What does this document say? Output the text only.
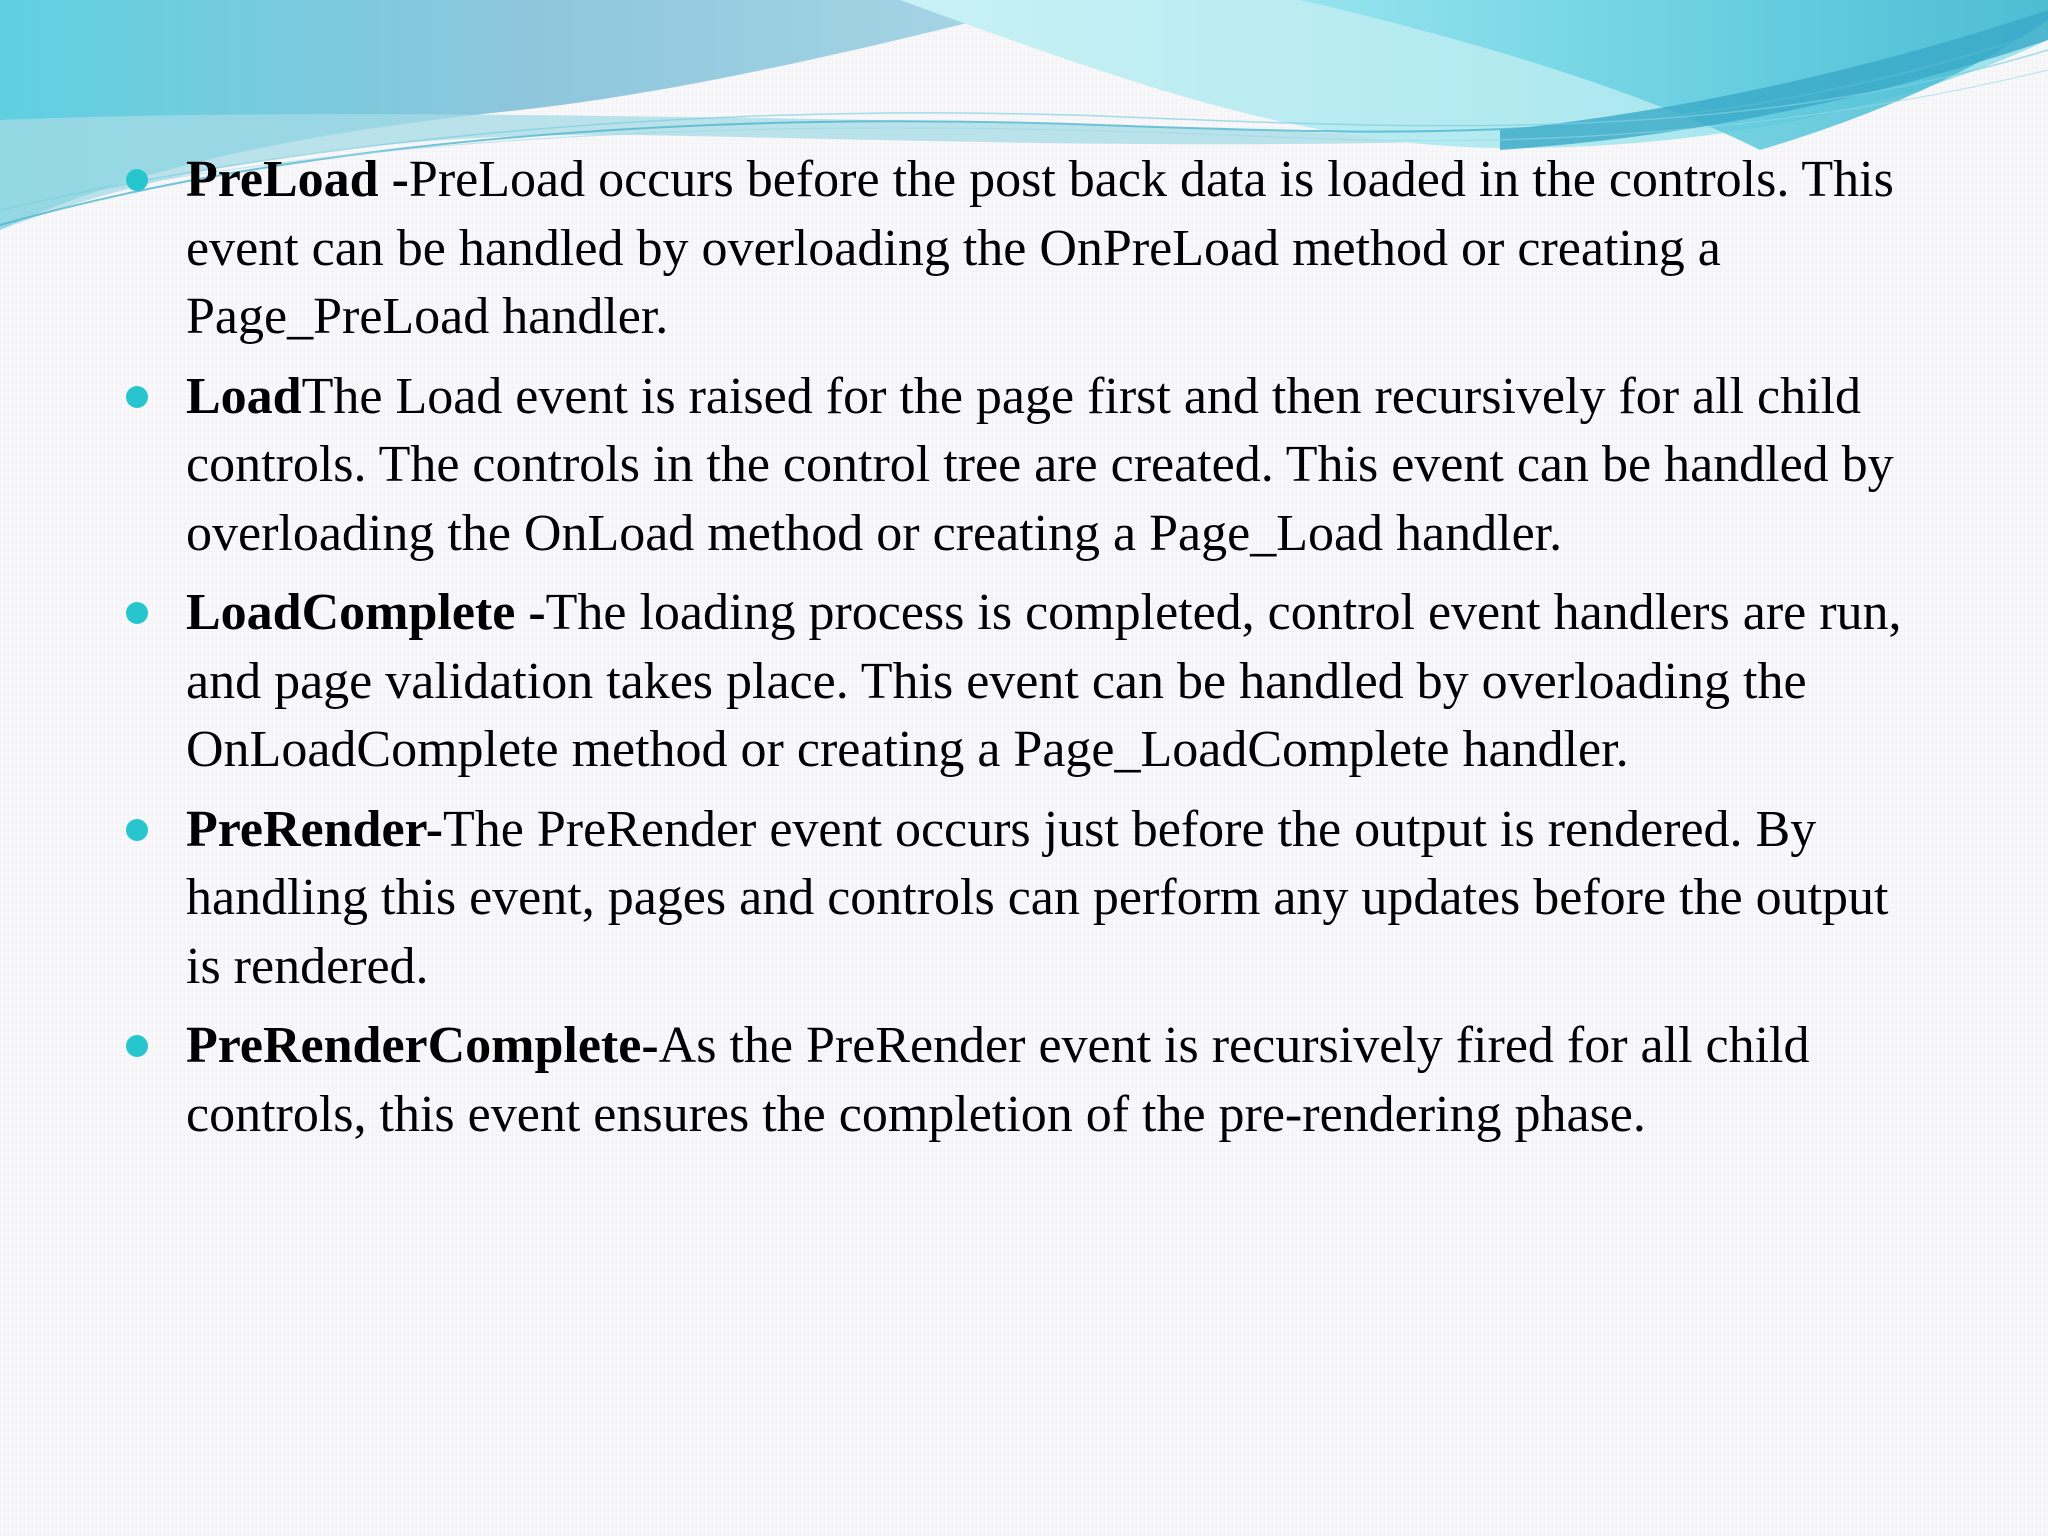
PreLoad -PreLoad occurs before the post back data is loaded in the controls. This event can be handled by overloading the OnPreLoad method or creating a Page_PreLoad handler.
LoadThe Load event is raised for the page first and then recursively for all child controls. The controls in the control tree are created. This event can be handled by overloading the OnLoad method or creating a Page_Load handler.
LoadComplete -The loading process is completed, control event handlers are run, and page validation takes place. This event can be handled by overloading the OnLoadComplete method or creating a Page_LoadComplete handler.
PreRender-The PreRender event occurs just before the output is rendered. By handling this event, pages and controls can perform any updates before the output is rendered.
PreRenderComplete-As the PreRender event is recursively fired for all child controls, this event ensures the completion of the pre-rendering phase.
